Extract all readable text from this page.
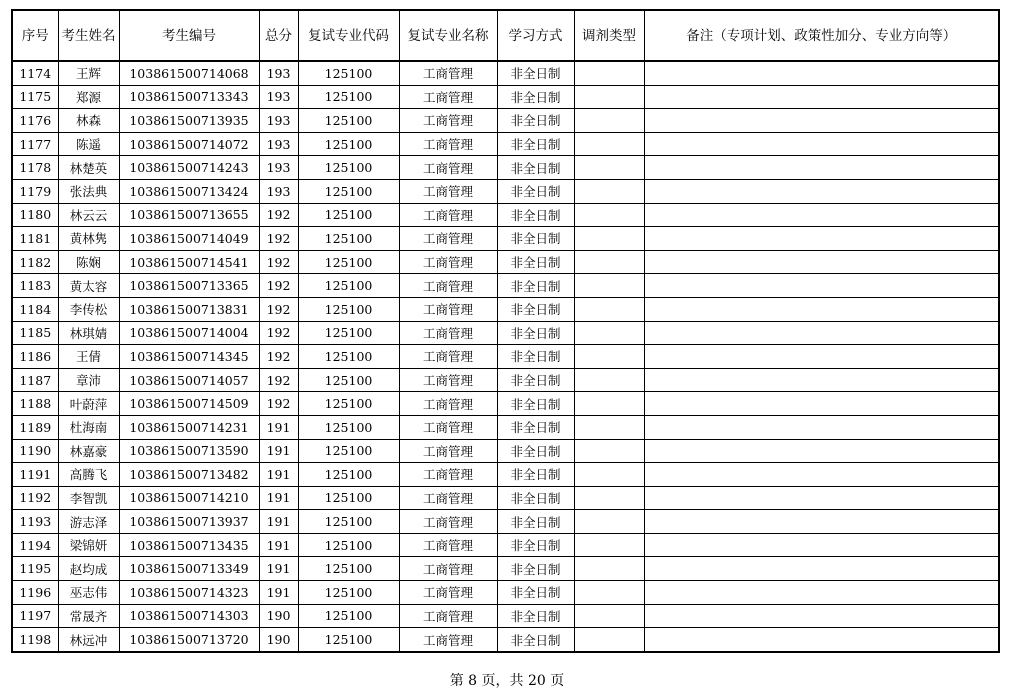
序号	考生姓名	考生编号	总分	复试专业代码	复试专业名称	学习方式	调剂类型	备注（专项计划、政策性加分、专业方向等）
1174	王辉	103861500714068	193	125100	工商管理	非全日制		
1175	郑源	103861500713343	193	125100	工商管理	非全日制		
1176	林森	103861500713935	193	125100	工商管理	非全日制		
1177	陈遥	103861500714072	193	125100	工商管理	非全日制		
1178	林楚英	103861500714243	193	125100	工商管理	非全日制		
1179	张法典	103861500713424	193	125100	工商管理	非全日制		
1180	林云云	103861500713655	192	125100	工商管理	非全日制		
1181	黄林隽	103861500714049	192	125100	工商管理	非全日制		
1182	陈娴	103861500714541	192	125100	工商管理	非全日制		
1183	黄太容	103861500713365	192	125100	工商管理	非全日制		
1184	李传松	103861500713831	192	125100	工商管理	非全日制		
1185	林琪婧	103861500714004	192	125100	工商管理	非全日制		
1186	王倩	103861500714345	192	125100	工商管理	非全日制		
1187	章沛	103861500714057	192	125100	工商管理	非全日制		
1188	叶蔚萍	103861500714509	192	125100	工商管理	非全日制		
1189	杜海南	103861500714231	191	125100	工商管理	非全日制		
1190	林嘉豪	103861500713590	191	125100	工商管理	非全日制		
1191	高腾飞	103861500713482	191	125100	工商管理	非全日制		
1192	李智凯	103861500714210	191	125100	工商管理	非全日制		
1193	游志泽	103861500713937	191	125100	工商管理	非全日制		
1194	梁锦妍	103861500713435	191	125100	工商管理	非全日制		
1195	赵均成	103861500713349	191	125100	工商管理	非全日制		
1196	巫志伟	103861500714323	191	125100	工商管理	非全日制		
1197	常晟齐	103861500714303	190	125100	工商管理	非全日制		
1198	林远冲	103861500713720	190	125100	工商管理	非全日制		
第 8 页，共 20 页
